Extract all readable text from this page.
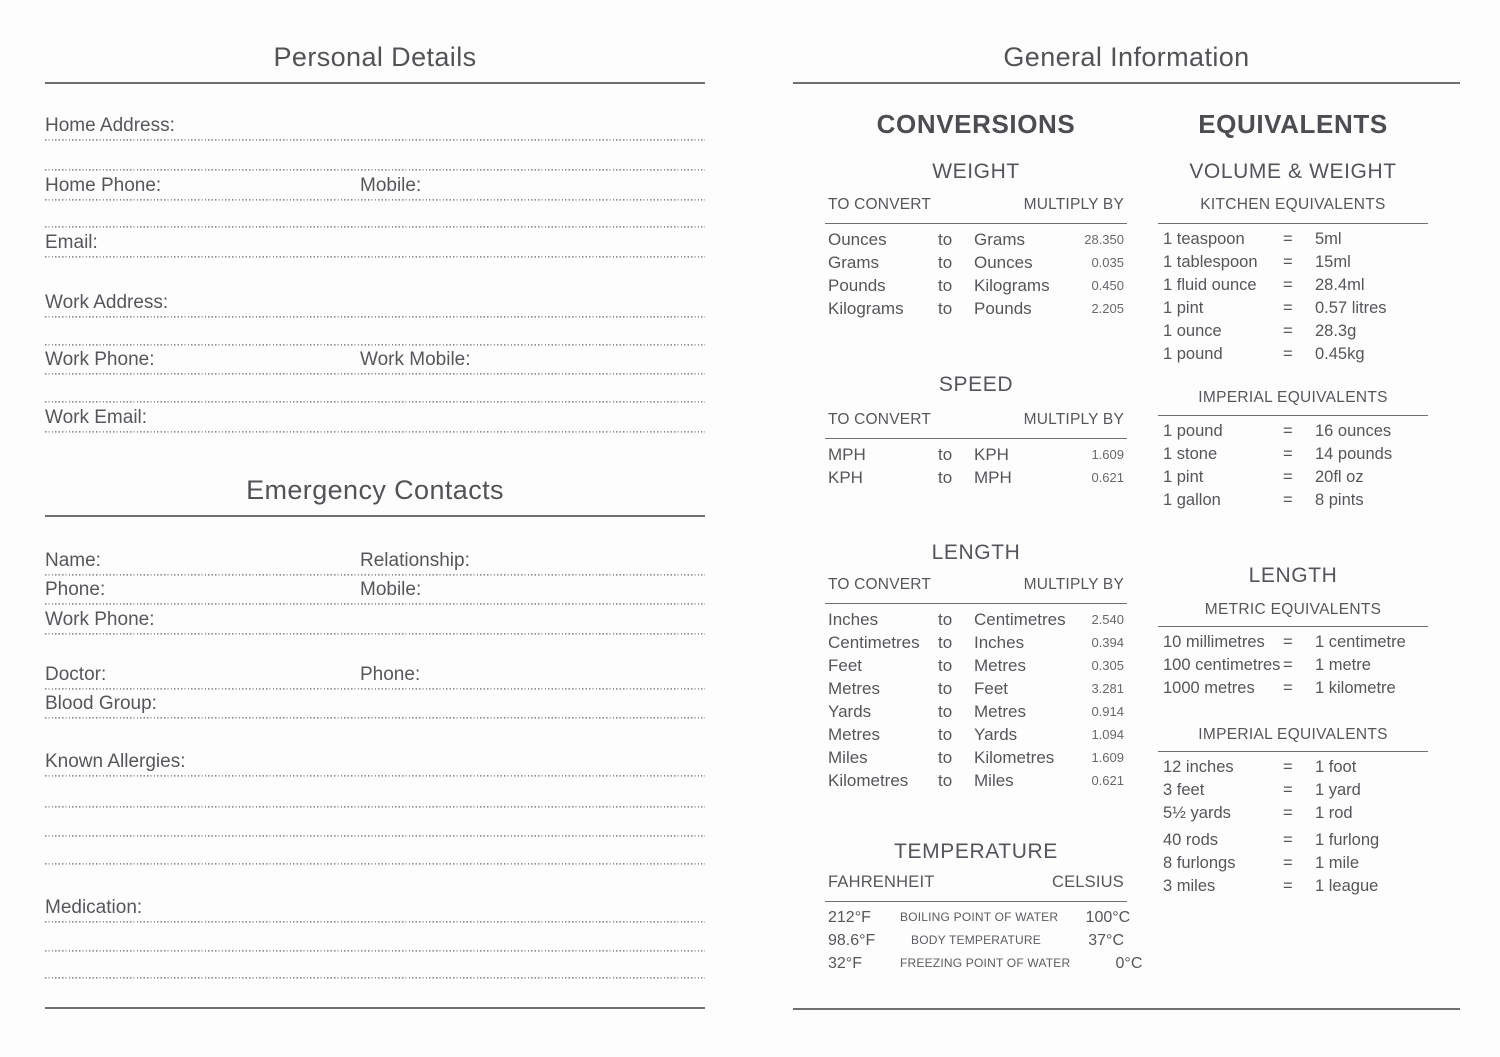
Personal Details
Home Address:
Home Phone:	Mobile:
Email:
Work Address:
Work Phone:	Work Mobile:
Work Email:
Emergency Contacts
Name:	Relationship:
Phone:	Mobile:
Work Phone:
Doctor:	Phone:
Blood Group:
Known Allergies:
Medication:
General Information
CONVERSIONS
WEIGHT
TO CONVERT	MULTIPLY BY
Ounces	to	Grams	28.350
Grams	to	Ounces	0.035
Pounds	to	Kilograms	0.450
Kilograms	to	Pounds	2.205
SPEED
TO CONVERT	MULTIPLY BY
MPH	to	KPH	1.609
KPH	to	MPH	0.621
LENGTH
TO CONVERT	MULTIPLY BY
Inches	to	Centimetres	2.540
Centimetres	to	Inches	0.394
Feet	to	Metres	0.305
Metres	to	Feet	3.281
Yards	to	Metres	0.914
Metres	to	Yards	1.094
Miles	to	Kilometres	1.609
Kilometres	to	Miles	0.621
TEMPERATURE
FAHRENHEIT	CELSIUS
212°F	BOILING POINT OF WATER	100°C
98.6°F	BODY TEMPERATURE	37°C
32°F	FREEZING POINT OF WATER	0°C
EQUIVALENTS
VOLUME & WEIGHT
KITCHEN EQUIVALENTS
1 teaspoon	=	5ml
1 tablespoon	=	15ml
1 fluid ounce	=	28.4ml
1 pint	=	0.57 litres
1 ounce	=	28.3g
1 pound	=	0.45kg
IMPERIAL EQUIVALENTS
1 pound	=	16 ounces
1 stone	=	14 pounds
1 pint	=	20fl oz
1 gallon	=	8 pints
LENGTH
METRIC EQUIVALENTS
10 millimetres	=	1 centimetre
100 centimetres =	1 metre
1000 metres	=	1 kilometre
IMPERIAL EQUIVALENTS
12 inches	=	1 foot
3 feet	=	1 yard
5½ yards	=	1 rod
40 rods	=	1 furlong
8 furlongs	=	1 mile
3 miles	=	1 league
